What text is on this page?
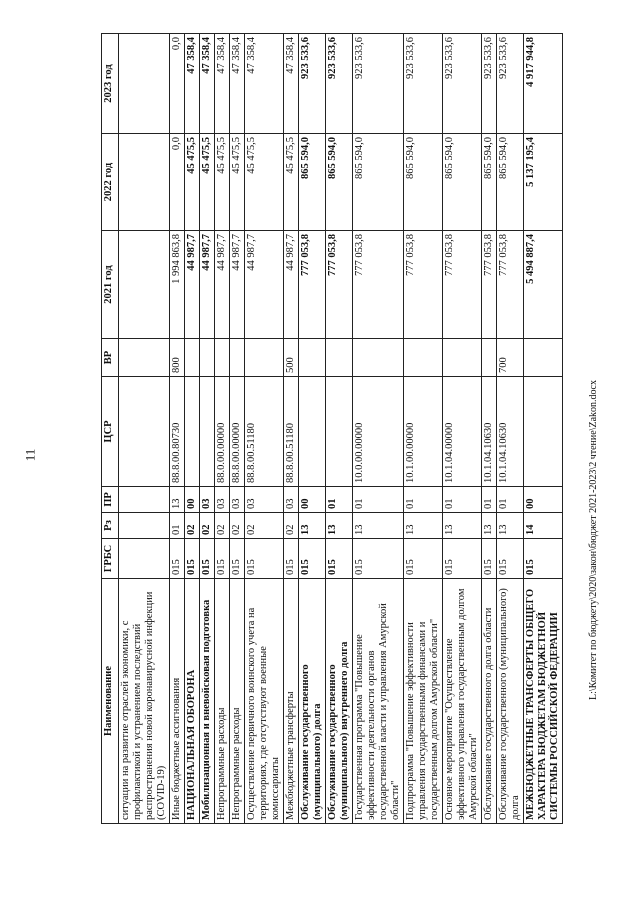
11
Наименование	ГРБС	Рз	ПР	ЦСР	ВР	2021 год	2022 год	2023 год
ситуации на развитие отраслей экономики, с профилактикой и устранением последствий распространения новой коронавирусной инфекции (COVID-19)								
Иные бюджетные ассигнования	015	01	13	88.8.00.80730	800	1 994 863,8	0,0	0,0
НАЦИОНАЛЬНАЯ ОБОРОНА	015	02	00			44 987,7	45 475,5	47 358,4
Мобилизационная и вневойсковая подготовка	015	02	03			44 987,7	45 475,5	47 358,4
Непрограммные расходы	015	02	03	88.0.00.00000		44 987,7	45 475,5	47 358,4
Непрограммные расходы	015	02	03	88.8.00.00000		44 987,7	45 475,5	47 358,4
Осуществление первичного воинского учета на территориях, где отсутствуют военные комиссариаты	015	02	03	88.8.00.51180		44 987,7	45 475,5	47 358,4
Межбюджетные трансферты	015	02	03	88.8.00.51180	500	44 987,7	45 475,5	47 358,4
Обслуживание государственного (муниципального) долга	015	13	00			777 053,8	865 594,0	923 533,6
Обслуживание государственного (муниципального) внутреннего долга	015	13	01			777 053,8	865 594,0	923 533,6
Государственная программа "Повышение эффективности деятельности органов государственной власти и управления Амурской области"	015	13	01	10.0.00.00000		777 053,8	865 594,0	923 533,6
Подпрограмма "Повышение эффективности управления государственными финансами и государственным долгом Амурской области"	015	13	01	10.1.00.00000		777 053,8	865 594,0	923 533,6
Основное мероприятие "Осуществление эффективного управления государственным долгом Амурской области"	015	13	01	10.1.04.00000		777 053,8	865 594,0	923 533,6
Обслуживание государственного долга области	015	13	01	10.1.04.10630		777 053,8	865 594,0	923 533,6
Обслуживание государственного (муниципального) долга	015	13	01	10.1.04.10630	700	777 053,8	865 594,0	923 533,6
МЕЖБЮДЖЕТНЫЕ ТРАНСФЕРТЫ ОБЩЕГО ХАРАКТЕРА БЮДЖЕТАМ БЮДЖЕТНОЙ СИСТЕМЫ РОССИЙСКОЙ ФЕДЕРАЦИИ	015	14	00			5 494 887,4	5 137 195,4	4 917 944,8
L:\Комитет по бюджету\2020\закон\бюджет 2021-2023\2 чтение\Zakon.docx
